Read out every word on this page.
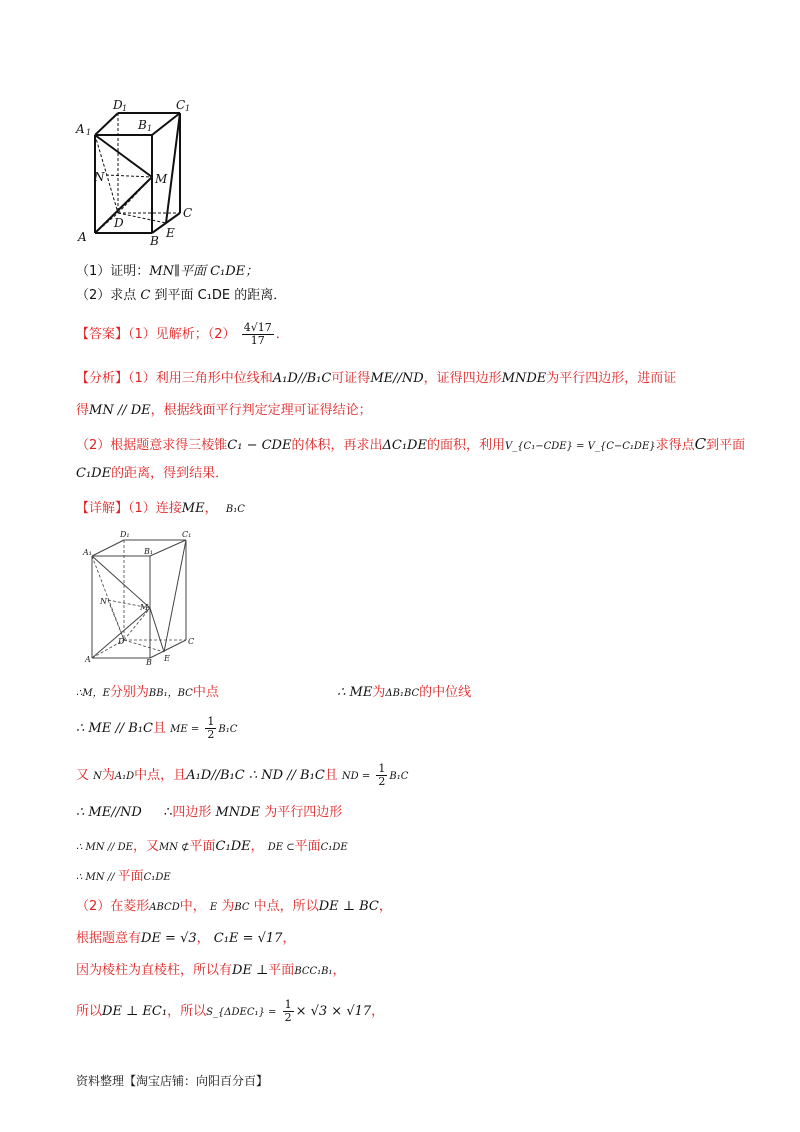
D 1	C 1
A 1
B 1
N	M
D
C
A	B
E
（1）证明：MN∥平面 C₁DE；
（2）求点 C 到平面 C₁DE 的距离．
【答案】（1）见解析；$(2) \frac{4√17}{17}$ ．
【分析】（1）利用三角形中位线和A₁D//B₁C可证得ME//ND，证得四边形MNDE为平行四边形，进而证
得MN // DE，根据线面平行判定定理可证得结论；
（2）根据题意求得三棱锥C₁ − CDE的体积，再求出ΔC₁DE的面积，利用V_{C₁−CDE} = V_{C−C₁DE}求得点C到平面
C₁DE的距离，得到结果．
【详解】（1）连接ME， B₁C
D₁	C₁
A₁	B₁
N
M
D	C
A	B E
∴M，E分别为BB₁，BC中点	∴ ME为ΔB₁BC的中位线
∴ ME // B₁C且 ME = $\frac{1}{2} B_1C$
又 N为A₁D中点，且A₁D//B₁C ∴ ND // B₁C且 ND = $\frac{1}{2} B_1C$
∴ ME//ND ∴四边形 MNDE 为平行四边形
∴ MN // DE，又MN ⊄平面C₁DE， DE ⊂平面C₁DE
∴ MN // 平面C₁DE
（2）在菱形ABCD中， E 为BC 中点，所以DE ⊥ BC，
根据题意有DE = √3， C₁E = √17，
因为棱柱为直棱柱，所以有DE ⊥平面BCC₁B₁，
所以DE ⊥ EC₁，所以S_{ΔDEC₁} = $\frac{1}{2} \times √3 \times √17$，
资料整理【淘宝店铺：向阳百分百】
